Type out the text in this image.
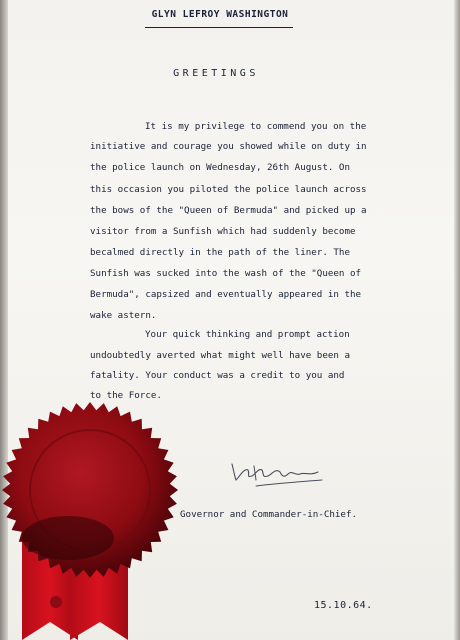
GLYN LEFROY WASHINGTON
GREETINGS
It is my privilege to commend you on the
initiative and courage you showed while on duty in
the police launch on Wednesday, 26th August. On
this occasion you piloted the police launch across
the bows of the "Queen of Bermuda" and picked up a
visitor from a Sunfish which had suddenly become
becalmed directly in the path of the liner. The
Sunfish was sucked into the wash of the "Queen of
Bermuda", capsized and eventually appeared in the
wake astern.
Your quick thinking and prompt action
undoubtedly averted what might well have been a
fatality. Your conduct was a credit to you and
to the Force.
Governor and Commander-in-Chief.
15.10.64.
